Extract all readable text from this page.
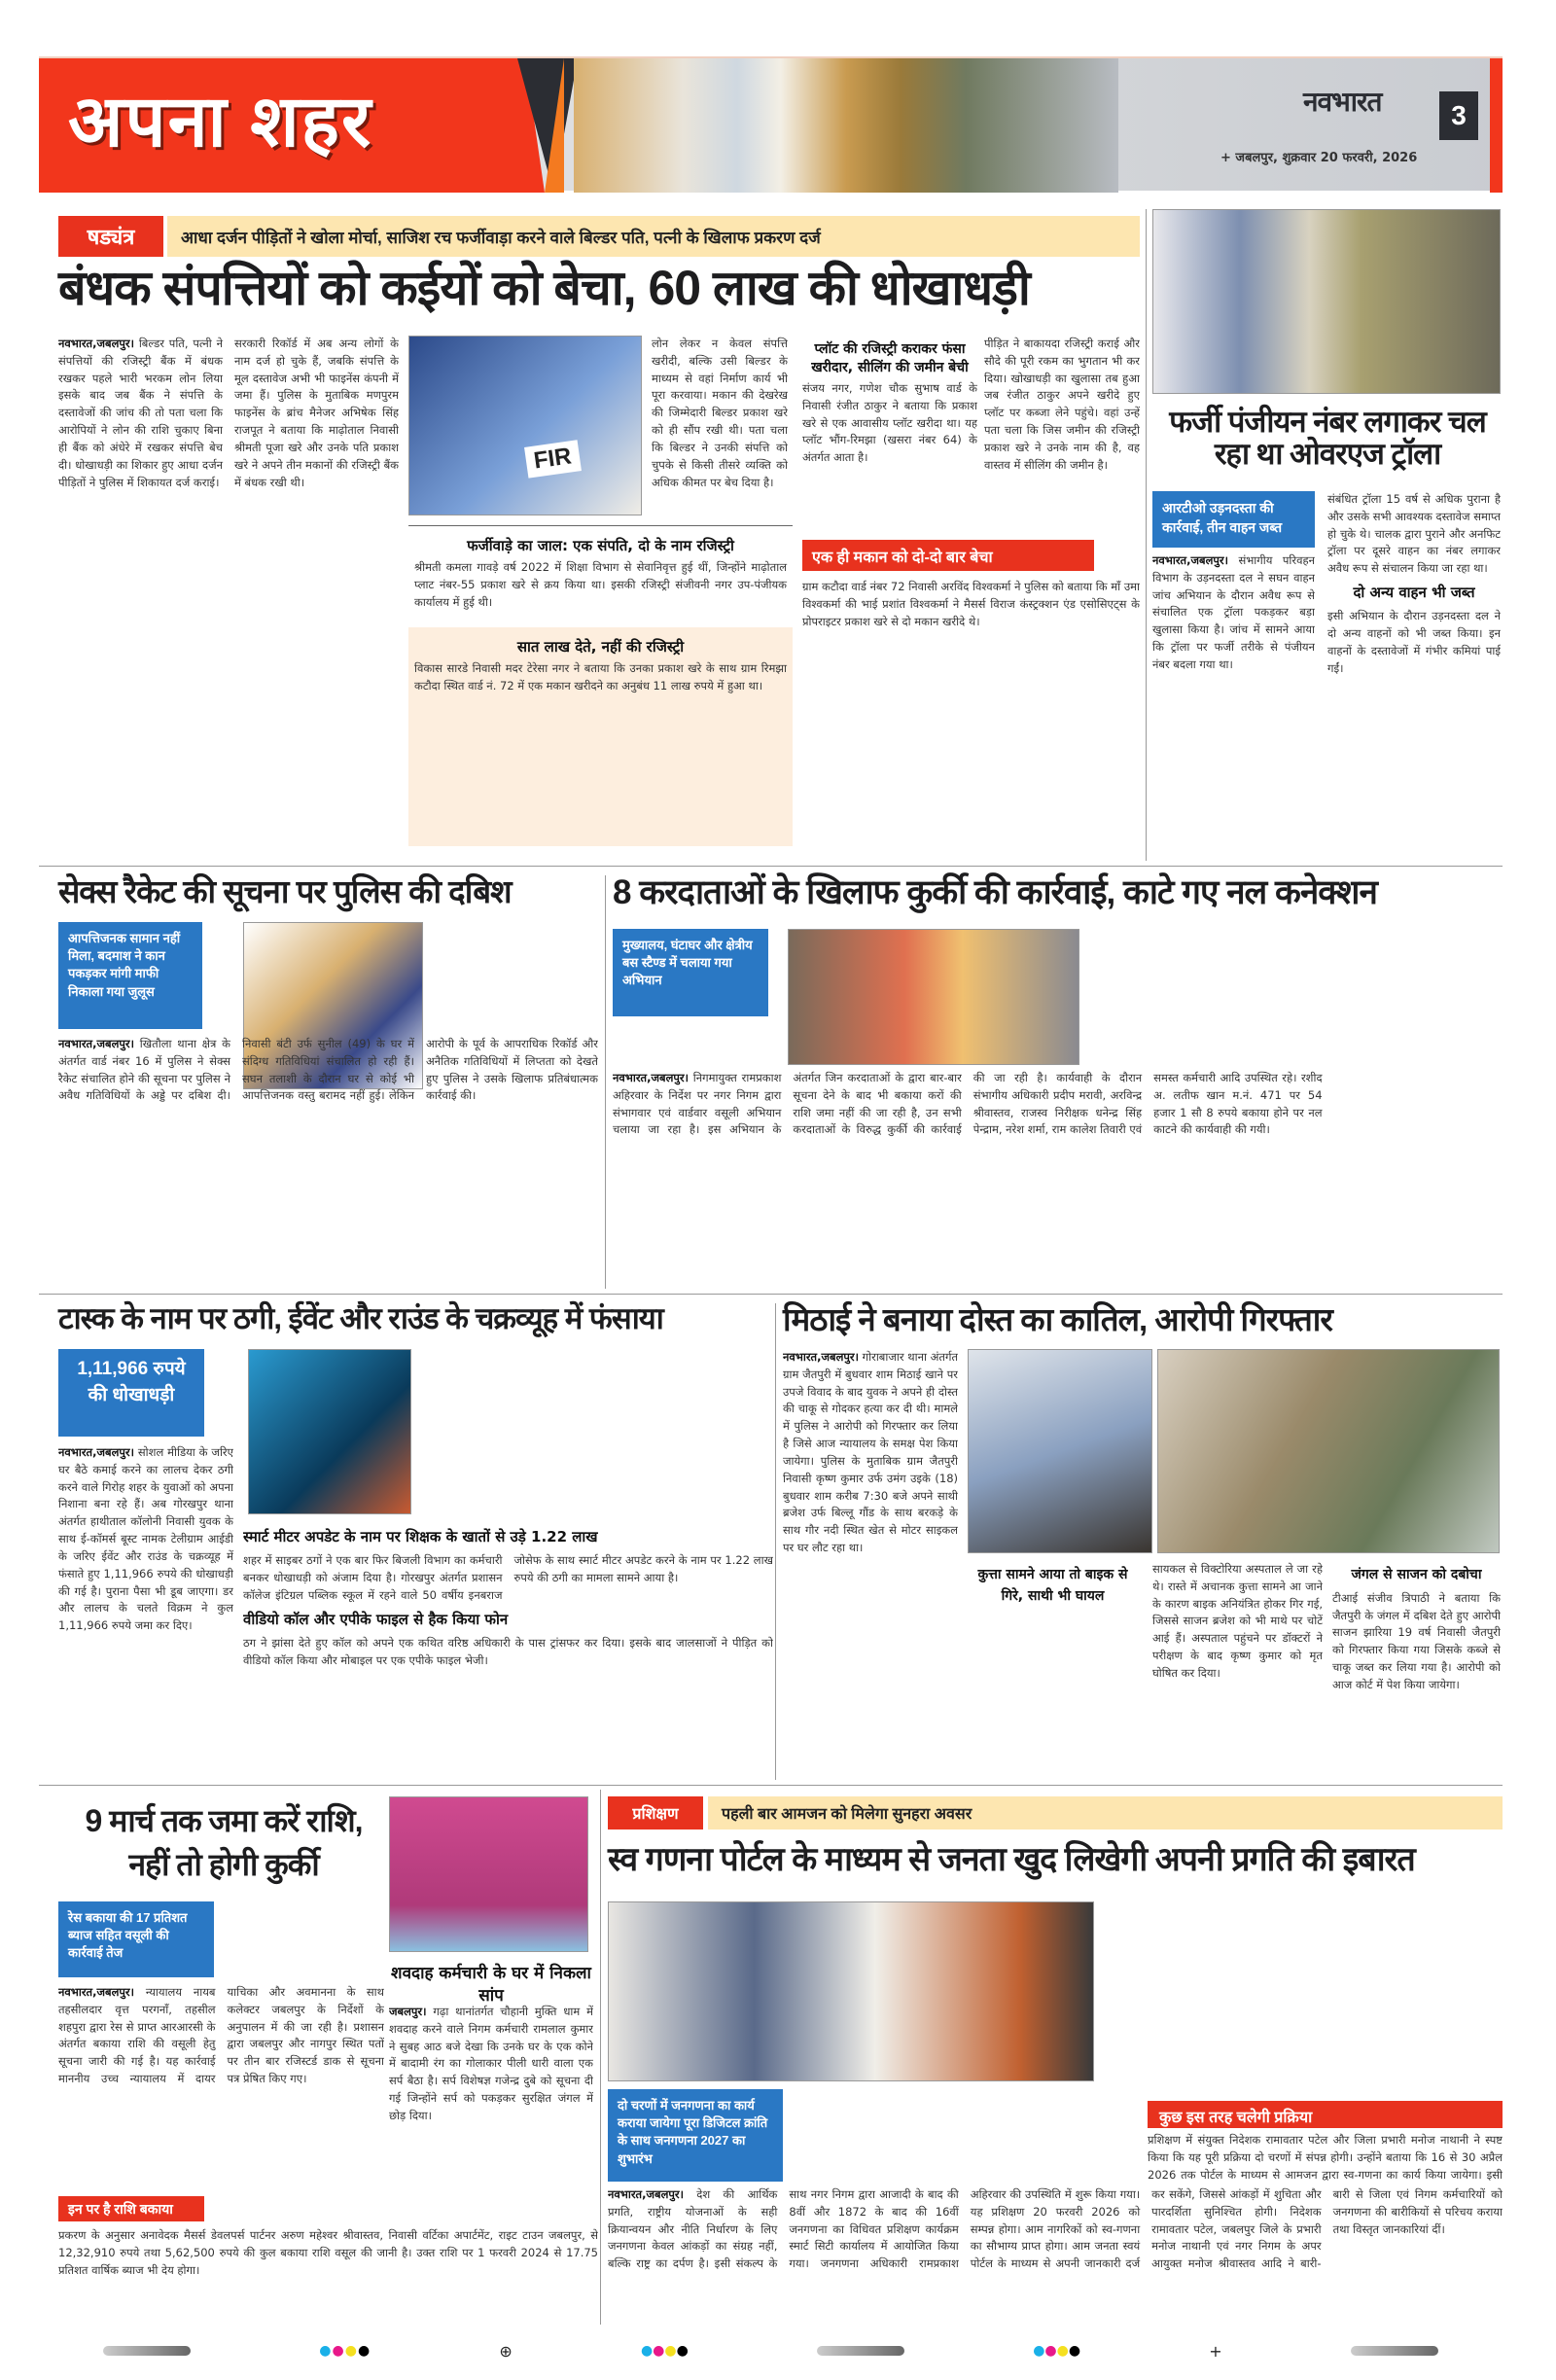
अपना शहर	नवभारत	3
+ जबलपुर, शुक्रवार 20 फरवरी, 2026
षड्यंत्र	आधा दर्जन पीड़ितों ने खोला मोर्चा, साजिश रच फर्जीवाड़ा करने वाले बिल्डर पति, पत्नी के खिलाफ प्रकरण दर्ज
बंधक संपत्तियों को कईयों को बेचा, 60 लाख की धोखाधड़ी

नवभारत,जबलपुर। बिल्डर पति, पत्नी ने संपत्तियों की रजिस्ट्री बैंक में बंधक रखकर पहले भारी भरकम लोन लिया इसके बाद जब बैंक ने संपत्ति के दस्तावेजों की जांच की तो पता चला कि आरोपियों ने लोन की राशि चुकाए बिना ही बैंक को अंधेरे में रखकर संपत्ति बेच दी। धोखाधड़ी का शिकार हुए आधा दर्जन पीड़ितों ने पुलिस में शिकायत दर्ज कराई।

सरकारी रिकॉर्ड में अब अन्य लोगों के नाम दर्ज हो चुके हैं, जबकि संपत्ति के मूल दस्तावेज अभी भी फाइनेंस कंपनी में जमा हैं। पुलिस के मुताबिक मणपुरम फाइनेंस के ब्रांच मैनेजर अभिषेक सिंह राजपूत ने बताया कि माढ़ोताल निवासी श्रीमती पूजा खरे और उनके पति प्रकाश खरे ने अपने तीन मकानों की रजिस्ट्री बैंक में बंधक रखी थी।

FIR
लोन लेकर न केवल संपत्ति खरीदी, बल्कि उसी बिल्डर के माध्यम से वहां निर्माण कार्य भी पूरा करवाया। मकान की देखरेख की जिम्मेदारी बिल्डर प्रकाश खरे को ही सौंप रखी थी। पता चला कि बिल्डर ने उनकी संपत्ति को चुपके से किसी तीसरे व्यक्ति को अधिक कीमत पर बेच दिया है।
फर्जीवाड़े का जाल: एक संपति, दो के नाम रजिस्ट्री
श्रीमती कमला गावड़े वर्ष 2022 में शिक्षा विभाग से सेवानिवृत्त हुई थीं, जिन्होंने माढ़ोताल प्लाट नंबर-55 प्रकाश खरे से क्रय किया था। इसकी रजिस्ट्री संजीवनी नगर उप-पंजीयक कार्यालय में हुई थी।
सात लाख देते, नहीं की रजिस्ट्री
विकास सारडे निवासी मदर टेरेसा नगर ने बताया कि उनका प्रकाश खरे के साथ ग्राम रिमझा कटौदा स्थित वार्ड नं. 72 में एक मकान खरीदने का अनुबंध 11 लाख रुपये में हुआ था।
प्लॉट की रजिस्ट्री कराकर फंसा खरीदार, सीलिंग की जमीन बेची
संजय नगर, गणेश चौक सुभाष वार्ड के निवासी रंजीत ठाकुर ने बताया कि प्रकाश खरे से एक आवासीय प्लॉट खरीदा था। यह प्लॉट भौंग-रिमझा (खसरा नंबर 64) के अंतर्गत आता है।
पीड़ित ने बाकायदा रजिस्ट्री कराई और सौदे की पूरी रकम का भुगतान भी कर दिया। खोखाधड़ी का खुलासा तब हुआ जब रंजीत ठाकुर अपने खरीदे हुए प्लॉट पर कब्जा लेने पहुंचे। वहां उन्हें पता चला कि जिस जमीन की रजिस्ट्री प्रकाश खरे ने उनके नाम की है, वह वास्तव में सीलिंग की जमीन है।
एक ही मकान को दो-दो बार बेचा
ग्राम कटौदा वार्ड नंबर 72 निवासी अरविंद विश्वकर्मा ने पुलिस को बताया कि माँ उमा विश्वकर्मा की भाई प्रशांत विश्वकर्मा ने मैसर्स विराज कंस्ट्रक्शन एंड एसोसिएट्स के प्रोपराइटर प्रकाश खरे से दो मकान खरीदे थे।
फर्जी पंजीयन नंबर लगाकर चल रहा था ओवरएज ट्रॉला
आरटीओ उड़नदस्ता की कार्रवाई, तीन वाहन जब्त
नवभारत,जबलपुर। संभागीय परिवहन विभाग के उड़नदस्ता दल ने सघन वाहन जांच अभियान के दौरान अवैध रूप से संचालित एक ट्रॉला पकड़कर बड़ा खुलासा किया है। जांच में सामने आया कि ट्रॉला पर फर्जी तरीके से पंजीयन नंबर बदला गया था।

संबंधित ट्रॉला 15 वर्ष से अधिक पुराना है और उसके सभी आवश्यक दस्तावेज समाप्त हो चुके थे। चालक द्वारा पुराने और अनफिट ट्रॉला पर दूसरे वाहन का नंबर लगाकर अवैध रूप से संचालन किया जा रहा था।

दो अन्य वाहन भी जब्त

इसी अभियान के दौरान उड़नदस्ता दल ने दो अन्य वाहनों को भी जब्त किया। इन वाहनों के दस्तावेजों में गंभीर कमियां पाई गईं।

सेक्स रैकेट की सूचना पर पुलिस की दबिश
आपत्तिजनक सामान नहीं मिला, बदमाश ने कान पकड़कर मांगी माफी निकाला गया जुलूस
नवभारत,जबलपुर। खितौला थाना क्षेत्र के अंतर्गत वार्ड नंबर 16 में पुलिस ने सेक्स रैकेट संचालित होने की सूचना पर पुलिस ने अवैध गतिविधियों के अड्डे पर दबिश दी। निवासी बंटी उर्फ सुनील (49) के घर में संदिग्ध गतिविधियां संचालित हो रही हैं। सघन तलाशी के दौरान घर से कोई भी आपत्तिजनक वस्तु बरामद नहीं हुई। लेकिन आरोपी के पूर्व के आपराधिक रिकॉर्ड और अनैतिक गतिविधियों में लिप्तता को देखते हुए पुलिस ने उसके खिलाफ प्रतिबंधात्मक कार्रवाई की।
8 करदाताओं के खिलाफ कुर्की की कार्रवाई, काटे गए नल कनेक्शन
मुख्यालय, घंटाघर और क्षेत्रीय बस स्टैण्ड में चलाया गया अभियान
नवभारत,जबलपुर। निगमायुक्त रामप्रकाश अहिरवार के निर्देश पर नगर निगम द्वारा संभागवार एवं वार्डवार वसूली अभियान चलाया जा रहा है। इस अभियान के अंतर्गत जिन करदाताओं के द्वारा बार-बार सूचना देने के बाद भी बकाया करों की राशि जमा नहीं की जा रही है, उन सभी करदाताओं के विरुद्ध कुर्की की कार्रवाई की जा रही है। कार्यवाही के दौरान संभागीय अधिकारी प्रदीप मरावी, अरविन्द्र श्रीवास्तव, राजस्व निरीक्षक धनेन्द्र सिंह पेन्द्राम, नरेश शर्मा, राम कालेश तिवारी एवं समस्त कर्मचारी आदि उपस्थित रहे। रशीद अ. लतीफ खान म.नं. 471 पर 54 हजार 1 सौ 8 रुपये बकाया होने पर नल काटने की कार्यवाही की गयी।
टास्क के नाम पर ठगी, ईवेंट और राउंड के चक्रव्यूह में फंसाया
1,11,966 रुपये की धोखाधड़ी
नवभारत,जबलपुर। सोशल मीडिया के जरिए घर बैठे कमाई करने का लालच देकर ठगी करने वाले गिरोह शहर के युवाओं को अपना निशाना बना रहे हैं। अब गोरखपुर थाना अंतर्गत हाथीताल कॉलोनी निवासी युवक के साथ ई-कॉमर्स बूस्ट नामक टेलीग्राम आईडी के जरिए ईवेंट और राउंड के चक्रव्यूह में फंसाते हुए 1,11,966 रुपये की धोखाधड़ी की गई है। पुराना पैसा भी डूब जाएगा। डर और लालच के चलते विक्रम ने कुल 1,11,966 रुपये जमा कर दिए।
स्मार्ट मीटर अपडेट के नाम पर शिक्षक के खातों से उड़े 1.22 लाख

शहर में साइबर ठगों ने एक बार फिर बिजली विभाग का कर्मचारी बनकर धोखाधड़ी को अंजाम दिया है। गोरखपुर अंतर्गत प्रशासन कॉलेज इंटिग्रल पब्लिक स्कूल में रहने वाले 50 वर्षीय इनबराज जोसेफ के साथ स्मार्ट मीटर अपडेट करने के नाम पर 1.22 लाख रुपये की ठगी का मामला सामने आया है।

वीडियो कॉल और एपीके फाइल से हैक किया फोन

ठग ने झांसा देते हुए कॉल को अपने एक कथित वरिष्ठ अधिकारी के पास ट्रांसफर कर दिया। इसके बाद जालसाजों ने पीड़ित को वीडियो कॉल किया और मोबाइल पर एक एपीके फाइल भेजी।

मिठाई ने बनाया दोस्त का कातिल, आरोपी गिरफ्तार
नवभारत,जबलपुर। गोराबाजार थाना अंतर्गत ग्राम जैतपुरी में बुधवार शाम मिठाई खाने पर उपजे विवाद के बाद युवक ने अपने ही दोस्त की चाकू से गोदकर हत्या कर दी थी। मामले में पुलिस ने आरोपी को गिरफ्तार कर लिया है जिसे आज न्यायालय के समक्ष पेश किया जायेगा। पुलिस के मुताबिक ग्राम जैतपुरी निवासी कृष्ण कुमार उर्फ उमंग उइके (18) बुधवार शाम करीब 7:30 बजे अपने साथी ब्रजेश उर्फ बिल्लू गौंड के साथ बरकड़े के साथ गौर नदी स्थित खेत से मोटर साइकल पर घर लौट रहा था।
कुत्ता सामने आया तो बाइक से गिरे, साथी भी घायल
सायकल से विक्टोरिया अस्पताल ले जा रहे थे। रास्ते में अचानक कुत्ता सामने आ जाने के कारण बाइक अनियंत्रित होकर गिर गई, जिससे साजन ब्रजेश को भी माथे पर चोटें आई हैं। अस्पताल पहुंचने पर डॉक्टरों ने परीक्षण के बाद कृष्ण कुमार को मृत घोषित कर दिया।
जंगल से साजन को दबोचा

टीआई संजीव त्रिपाठी ने बताया कि जैतपुरी के जंगल में दबिश देते हुए आरोपी साजन झारिया 19 वर्ष निवासी जैतपुरी को गिरफ्तार किया गया जिसके कब्जे से चाकू जब्त कर लिया गया है। आरोपी को आज कोर्ट में पेश किया जायेगा।

9 मार्च तक जमा करें राशि, नहीं तो होगी कुर्की
रेस बकाया की 17 प्रतिशत ब्याज सहित वसूली की कार्रवाई तेज
नवभारत,जबलपुर। न्यायालय नायब तहसीलदार वृत्त परगनाँ, तहसील शहपुरा द्वारा रेस से प्राप्त आरआरसी के अंतर्गत बकाया राशि की वसूली हेतु सूचना जारी की गई है। यह कार्रवाई माननीय उच्च न्यायालय में दायर याचिका और अवमानना के साथ कलेक्टर जबलपुर के निर्देशों के अनुपालन में की जा रही है। प्रशासन द्वारा जबलपुर और नागपुर स्थित पतों पर तीन बार रजिस्टर्ड डाक से सूचना पत्र प्रेषित किए गए।
इन पर है राशि बकाया
प्रकरण के अनुसार अनावेदक मैसर्स डेवलपर्स पार्टनर अरुण महेश्वर श्रीवास्तव, निवासी वर्टिका अपार्टमेंट, राइट टाउन जबलपुर, से 12,32,910 रुपये तथा 5,62,500 रुपये की कुल बकाया राशि वसूल की जानी है। उक्त राशि पर 1 फरवरी 2024 से 17.75 प्रतिशत वार्षिक ब्याज भी देय होगा।
शवदाह कर्मचारी के घर में निकला सांप
जबलपुर। गढ़ा थानांतर्गत चौहानी मुक्ति धाम में शवदाह करने वाले निगम कर्मचारी रामलाल कुमार ने सुबह आठ बजे देखा कि उनके घर के एक कोने में बादामी रंग का गोलाकार पीली धारी वाला एक सर्प बैठा है। सर्प विशेषज्ञ गजेन्द्र दुबे को सूचना दी गई जिन्होंने सर्प को पकड़कर सुरक्षित जंगल में छोड़ दिया।
प्रशिक्षण	पहली बार आमजन को मिलेगा सुनहरा अवसर
स्व गणना पोर्टल के माध्यम से जनता खुद लिखेगी अपनी प्रगति की इबारत
दो चरणों में जनगणना का कार्य कराया जायेगा पूरा डिजिटल क्रांति के साथ जनगणना 2027 का शुभारंभ
नवभारत,जबलपुर। देश की आर्थिक प्रगति, राष्ट्रीय योजनाओं के सही क्रियान्वयन और नीति निर्धारण के लिए जनगणना केवल आंकड़ों का संग्रह नहीं, बल्कि राष्ट्र का दर्पण है। इसी संकल्प के साथ नगर निगम द्वारा आजादी के बाद की 8वीं और 1872 के बाद की 16वीं जनगणना का विधिवत प्रशिक्षण कार्यक्रम स्मार्ट सिटी कार्यालय में आयोजित किया गया। जनगणना अधिकारी रामप्रकाश अहिरवार की उपस्थिति में शुरू किया गया। यह प्रशिक्षण 20 फरवरी 2026 को सम्पन्न होगा। आम नागरिकों को स्व-गणना का सौभाग्य प्राप्त होगा। आम जनता स्वयं पोर्टल के माध्यम से अपनी जानकारी दर्ज कर सकेंगे, जिससे आंकड़ों में शुचिता और पारदर्शिता सुनिश्चित होगी। निदेशक रामावतार पटेल, जबलपुर जिले के प्रभारी मनोज नाथानी एवं नगर निगम के अपर आयुक्त मनोज श्रीवास्तव आदि ने बारी-बारी से जिला एवं निगम कर्मचारियों को जनगणना की बारीकियों से परिचय कराया तथा विस्तृत जानकारियां दीं।
कुछ इस तरह चलेगी प्रक्रिया
प्रशिक्षण में संयुक्त निदेशक रामावतार पटेल और जिला प्रभारी मनोज नाथानी ने स्पष्ट किया कि यह पूरी प्रक्रिया दो चरणों में संपन्न होगी। उन्होंने बताया कि 16 से 30 अप्रैल 2026 तक पोर्टल के माध्यम से आमजन द्वारा स्व-गणना का कार्य किया जायेगा। इसी
●●●●	⊕	●●●●	●●●●	+
